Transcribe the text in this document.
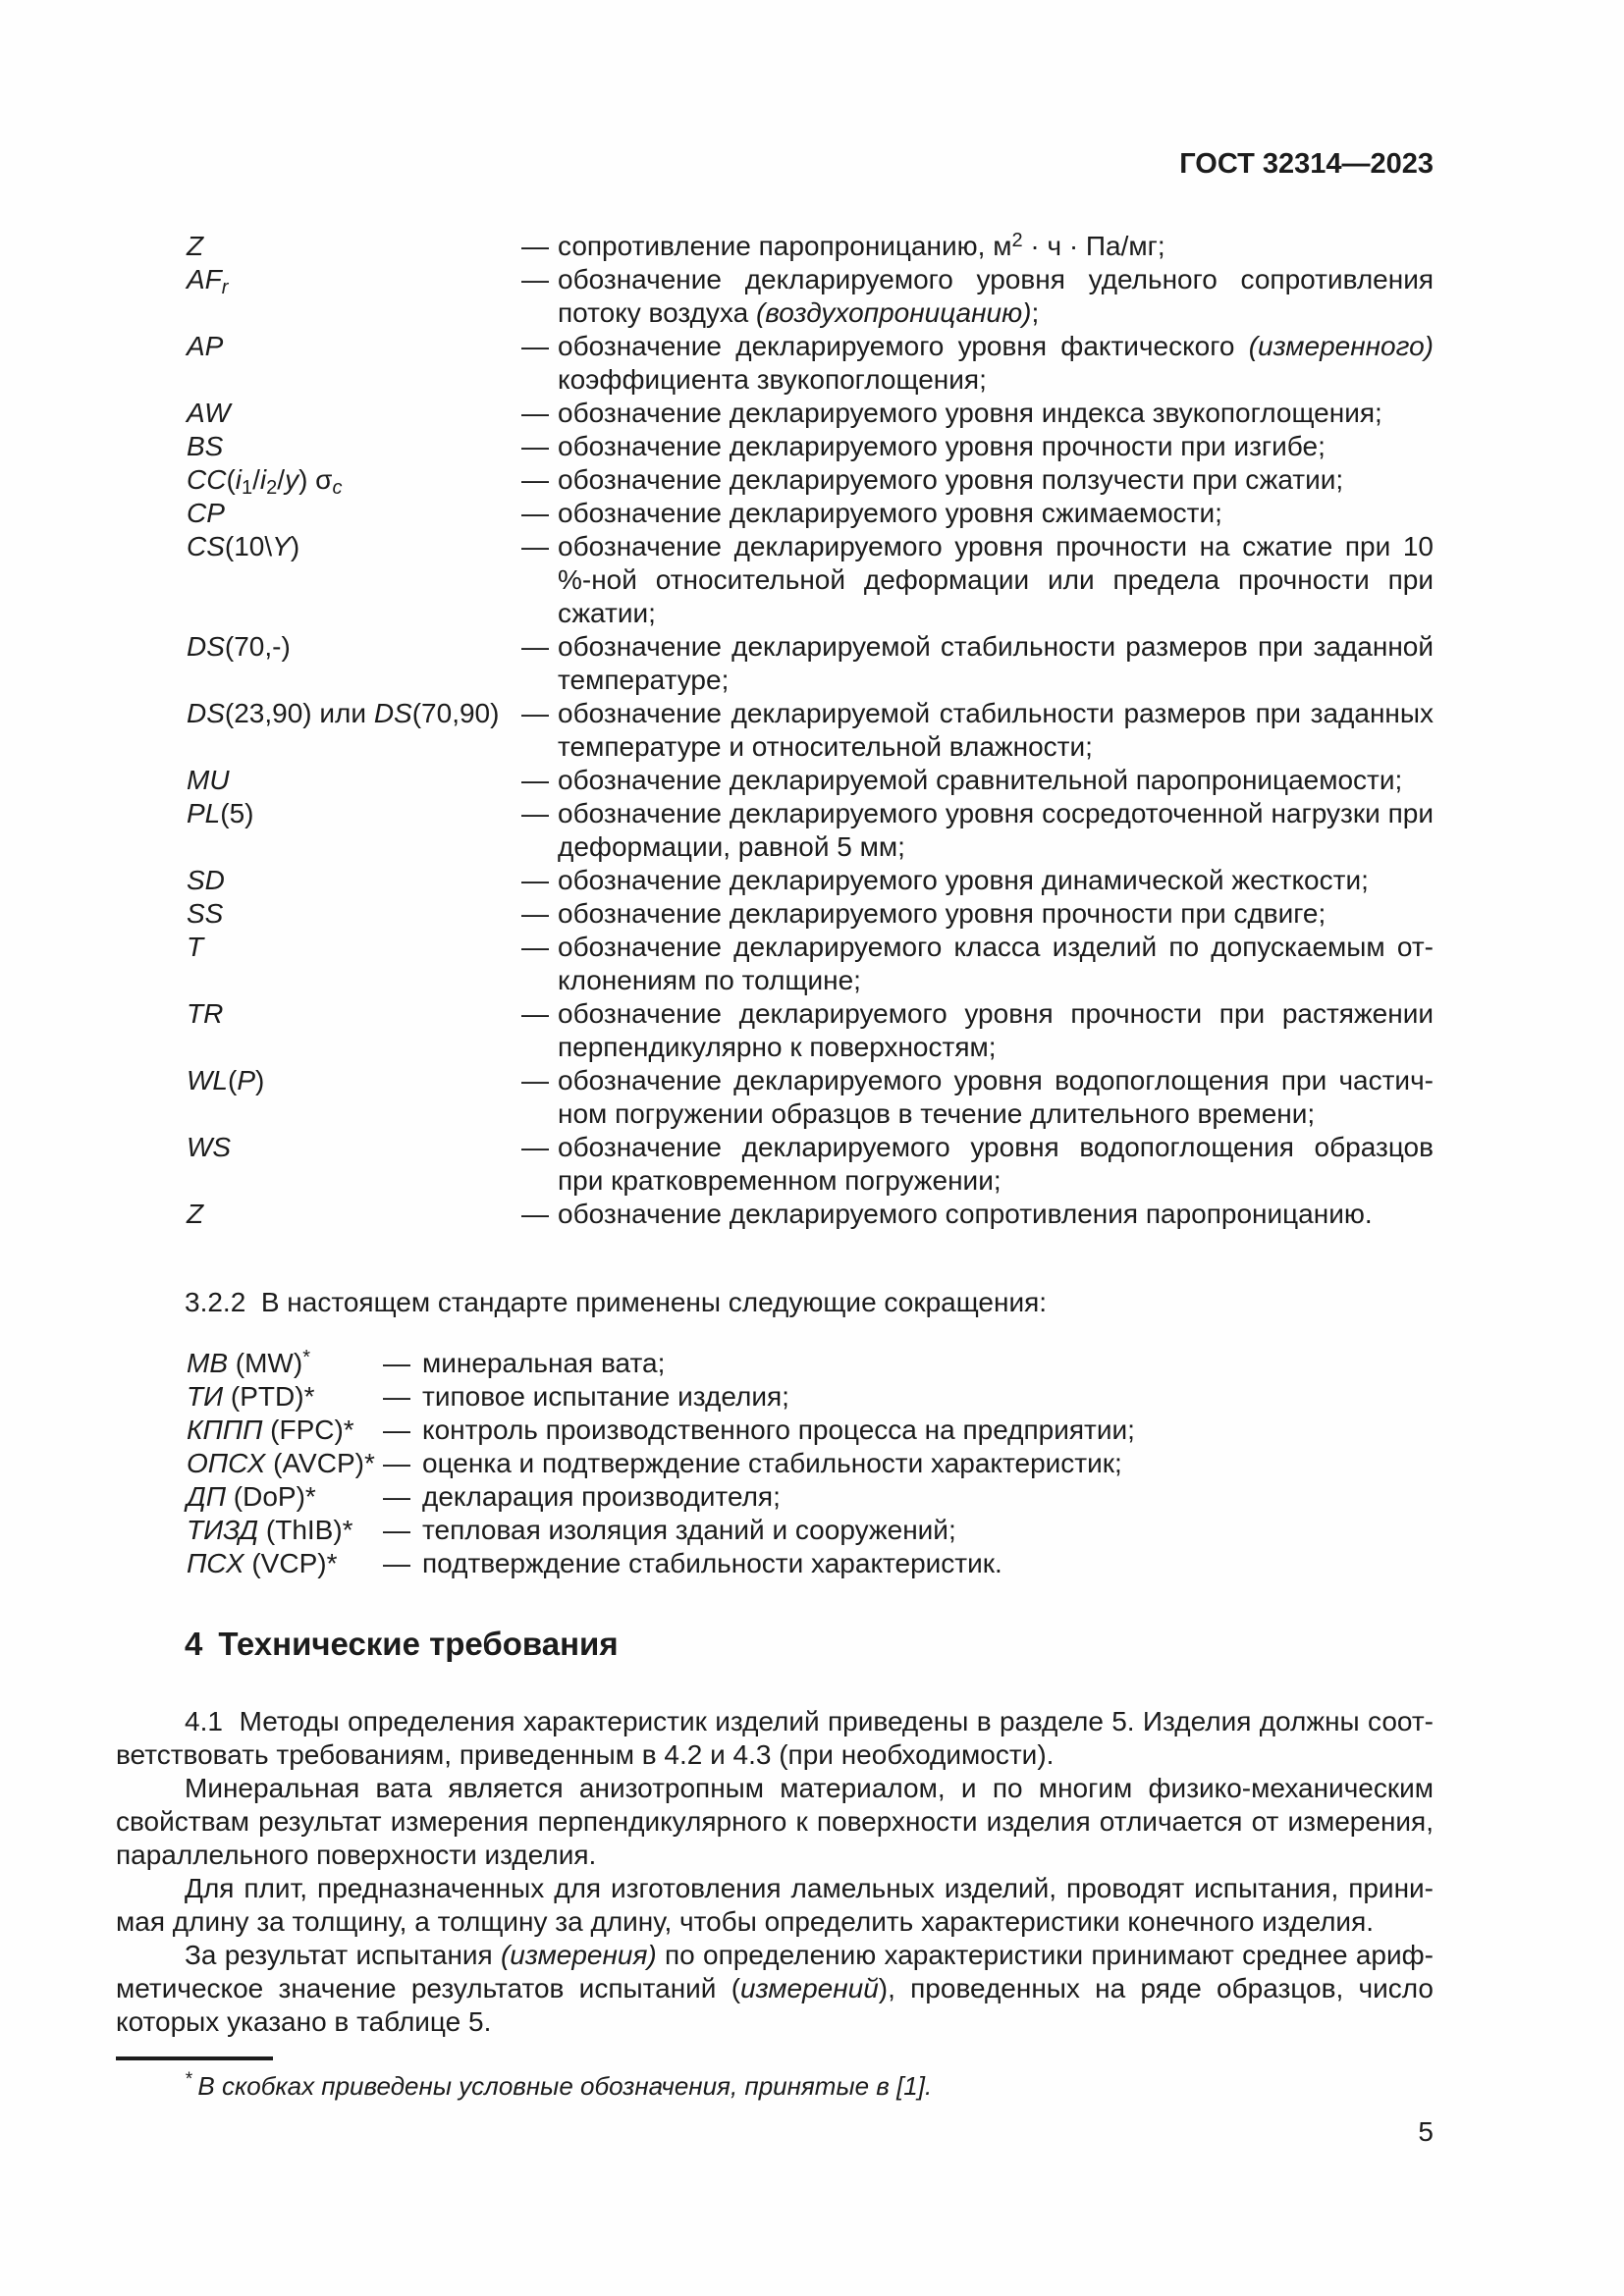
ГОСТ 32314—2023
Z	— сопротивление паропроницанию, $м^2 \cdot ч \cdot Па/мг$;
$AF_r$	— обозначение декларируемого уровня удельного сопротивления потоку воздуха (воздухопроницанию);
AP	— обозначение декларируемого уровня фактического (измеренного) коэффициента звукопоглощения;
AW	— обозначение декларируемого уровня индекса звукопоглощения;
BS	— обозначение декларируемого уровня прочности при изгибе;
$CC(i_1/i_2/y)$ $\sigma_c$	— обозначение декларируемого уровня ползучести при сжатии;
CP	— обозначение декларируемого уровня сжимаемости;
CS(10\Y)	— обозначение декларируемого уровня прочности на сжатие при 10 %-ной относительной деформации или предела прочности при сжатии;
DS(70,-)	— обозначение декларируемой стабильности размеров при заданной температуре;
DS(23,90) или DS(70,90) — обозначение декларируемой стабильности размеров при заданных температуре и относительной влажности;
MU	— обозначение декларируемой сравнительной паропроницаемости;
PL(5)	— обозначение декларируемого уровня сосредоточенной нагрузки при деформации, равной 5 мм;
SD	— обозначение декларируемого уровня динамической жесткости;
SS	— обозначение декларируемого уровня прочности при сдвиге;
T	— обозначение декларируемого класса изделий по допускаемым отклонениям по толщине;
TR	— обозначение декларируемого уровня прочности при растяжении перпендикулярно к поверхностям;
WL(P)	— обозначение декларируемого уровня водопоглощения при частичном погружении образцов в течение длительного времени;
WS	— обозначение декларируемого уровня водопоглощения образцов при кратковременном погружении;
Z	— обозначение декларируемого сопротивления паропроницанию.

3.2.2  В настоящем стандарте применены следующие сокращения:

МВ (MW)*	— минеральная вата;
ТИ (PTD)*	— типовое испытание изделия;
КППП (FPC)*	— контроль производственного процесса на предприятии;
ОПСХ (AVCP)* — оценка и подтверждение стабильности характеристик;
ДП (DoP)*	— декларация производителя;
ТИЗД (ThIB)*	— тепловая изоляция зданий и сооружений;
ПСХ (VCP)*	— подтверждение стабильности характеристик.
4 Технические требования

4.1  Методы определения характеристик изделий приведены в разделе 5. Изделия должны соответствовать требованиям, приведенным в 4.2 и 4.3 (при необходимости).

Минеральная вата является анизотропным материалом, и по многим физико-механическим свойствам результат измерения перпендикулярного к поверхности изделия отличается от измерения, параллельного поверхности изделия.

Для плит, предназначенных для изготовления ламельных изделий, проводят испытания, принимая длину за толщину, а толщину за длину, чтобы определить характеристики конечного изделия.

За результат испытания (измерения) по определению характеристики принимают среднее арифметическое значение результатов испытаний (измерений), проведенных на ряде образцов, число которых указано в таблице 5.

* В скобках приведены условные обозначения, принятые в [1].

5
